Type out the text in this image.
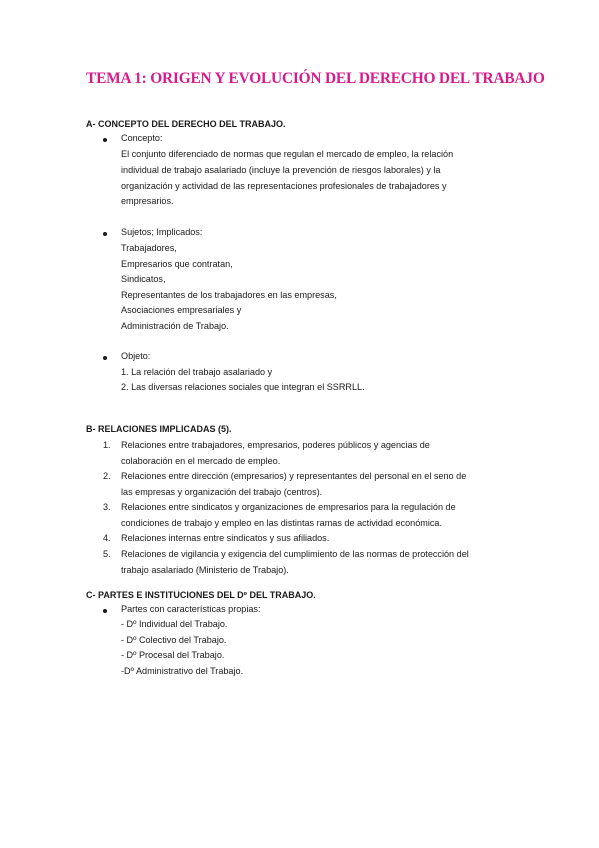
TEMA 1: ORIGEN Y EVOLUCIÓN DEL DERECHO DEL TRABAJO
A- CONCEPTO DEL DERECHO DEL TRABAJO.
Concepto:
El conjunto diferenciado de normas que regulan el mercado de empleo, la relación
individual de trabajo asalariado (incluye la prevención de riesgos laborales) y la
organización y actividad de las representaciones profesionales de trabajadores y
empresarios.
Sujetos; Implicados:
Trabajadores,
Empresarios que contratan,
Sindicatos,
Representantes de los trabajadores en las empresas,
Asociaciones empresariales y
Administración de Trabajo.
Objeto:
1. La relación del trabajo asalariado y
2. Las diversas relaciones sociales que integran el SSRRLL.
B- RELACIONES IMPLICADAS (5).
1. Relaciones entre trabajadores, empresarios, poderes públicos y agencias de
colaboración en el mercado de empleo.
2. Relaciones entre dirección (empresarios) y representantes del personal en el seno de
las empresas y organización del trabajo (centros).
3. Relaciones entre sindicatos y organizaciones de empresarios para la regulación de
condiciones de trabajo y empleo en las distintas ramas de actividad económica.
4. Relaciones internas entre sindicatos y sus afiliados.
5. Relaciones de vigilancia y exigencia del cumplimiento de las normas de protección del
trabajo asalariado (Ministerio de Trabajo).
C- PARTES E INSTITUCIONES DEL Dº DEL TRABAJO.
Partes con características propias:
- Dº Individual del Trabajo.
- Dº Colectivo del Trabajo.
- Dº Procesal del Trabajo.
-Dº Administrativo del Trabajo.
